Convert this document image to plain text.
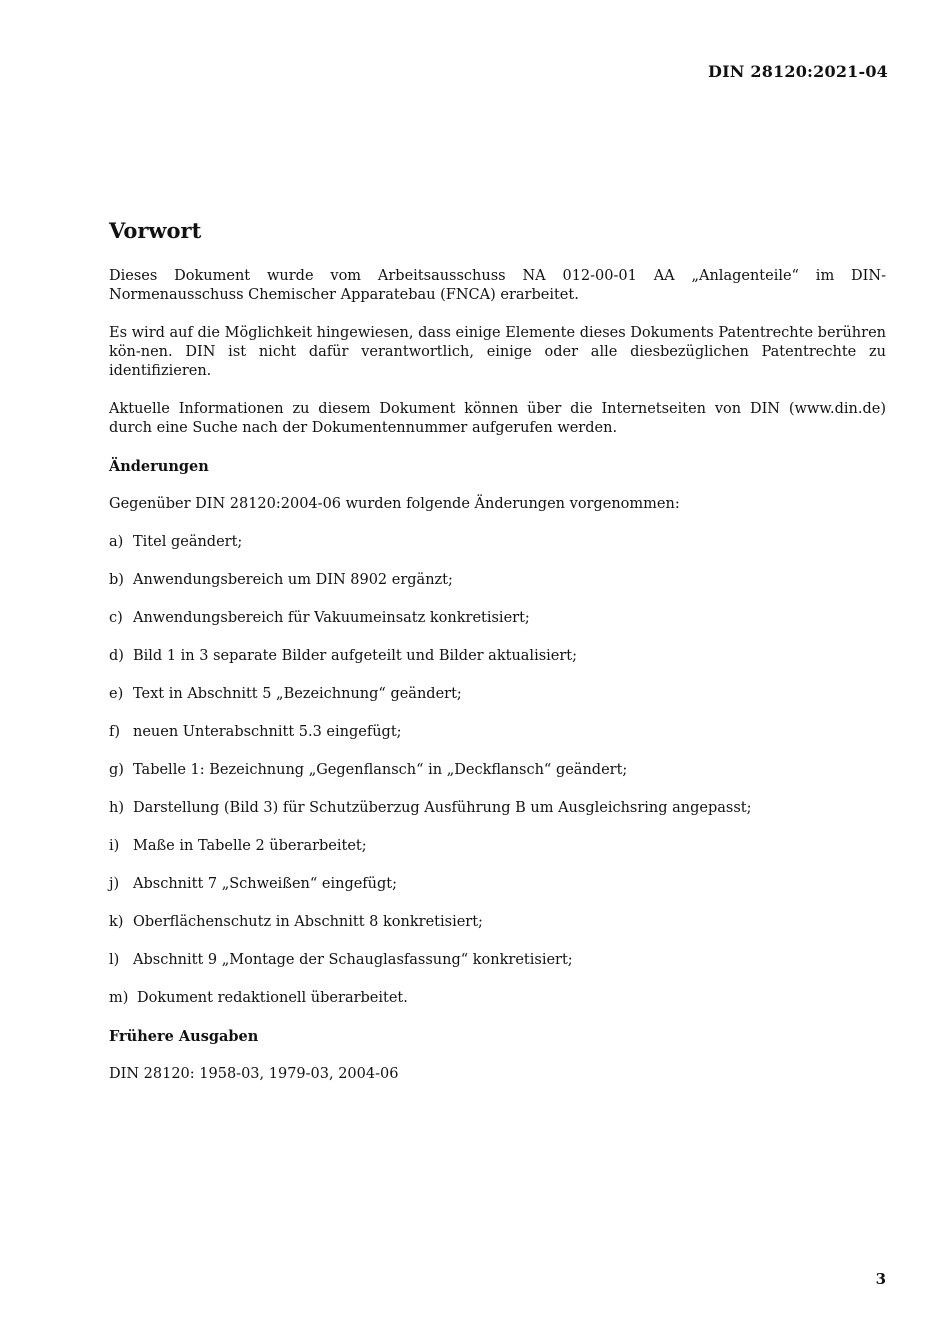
DIN 28120:2021-04
Vorwort

Dieses Dokument wurde vom Arbeitsausschuss NA 012-00-01 AA „Anlagenteile“ im DIN-Normenausschuss Chemischer Apparatebau (FNCA) erarbeitet.

Es wird auf die Möglichkeit hingewiesen, dass einige Elemente dieses Dokuments Patentrechte berühren kön-nen. DIN ist nicht dafür verantwortlich, einige oder alle diesbezüglichen Patentrechte zu identifizieren.

Aktuelle Informationen zu diesem Dokument können über die Internetseiten von DIN (www.din.de) durch eine Suche nach der Dokumentennummer aufgerufen werden.

Änderungen

Gegenüber DIN 28120:2004-06 wurden folgende Änderungen vorgenommen:

a) Titel geändert;
b) Anwendungsbereich um DIN 8902 ergänzt;
c) Anwendungsbereich für Vakuumeinsatz konkretisiert;
d) Bild 1 in 3 separate Bilder aufgeteilt und Bilder aktualisiert;
e) Text in Abschnitt 5 „Bezeichnung“ geändert;
f) neuen Unterabschnitt 5.3 eingefügt;
g) Tabelle 1: Bezeichnung „Gegenflansch“ in „Deckflansch“ geändert;
h) Darstellung (Bild 3) für Schutzüberzug Ausführung B um Ausgleichsring angepasst;
i) Maße in Tabelle 2 überarbeitet;
j) Abschnitt 7 „Schweißen“ eingefügt;
k) Oberflächenschutz in Abschnitt 8 konkretisiert;
l) Abschnitt 9 „Montage der Schauglasfassung“ konkretisiert;
m) Dokument redaktionell überarbeitet.
Frühere Ausgaben

DIN 28120: 1958-03, 1979-03, 2004-06

3
